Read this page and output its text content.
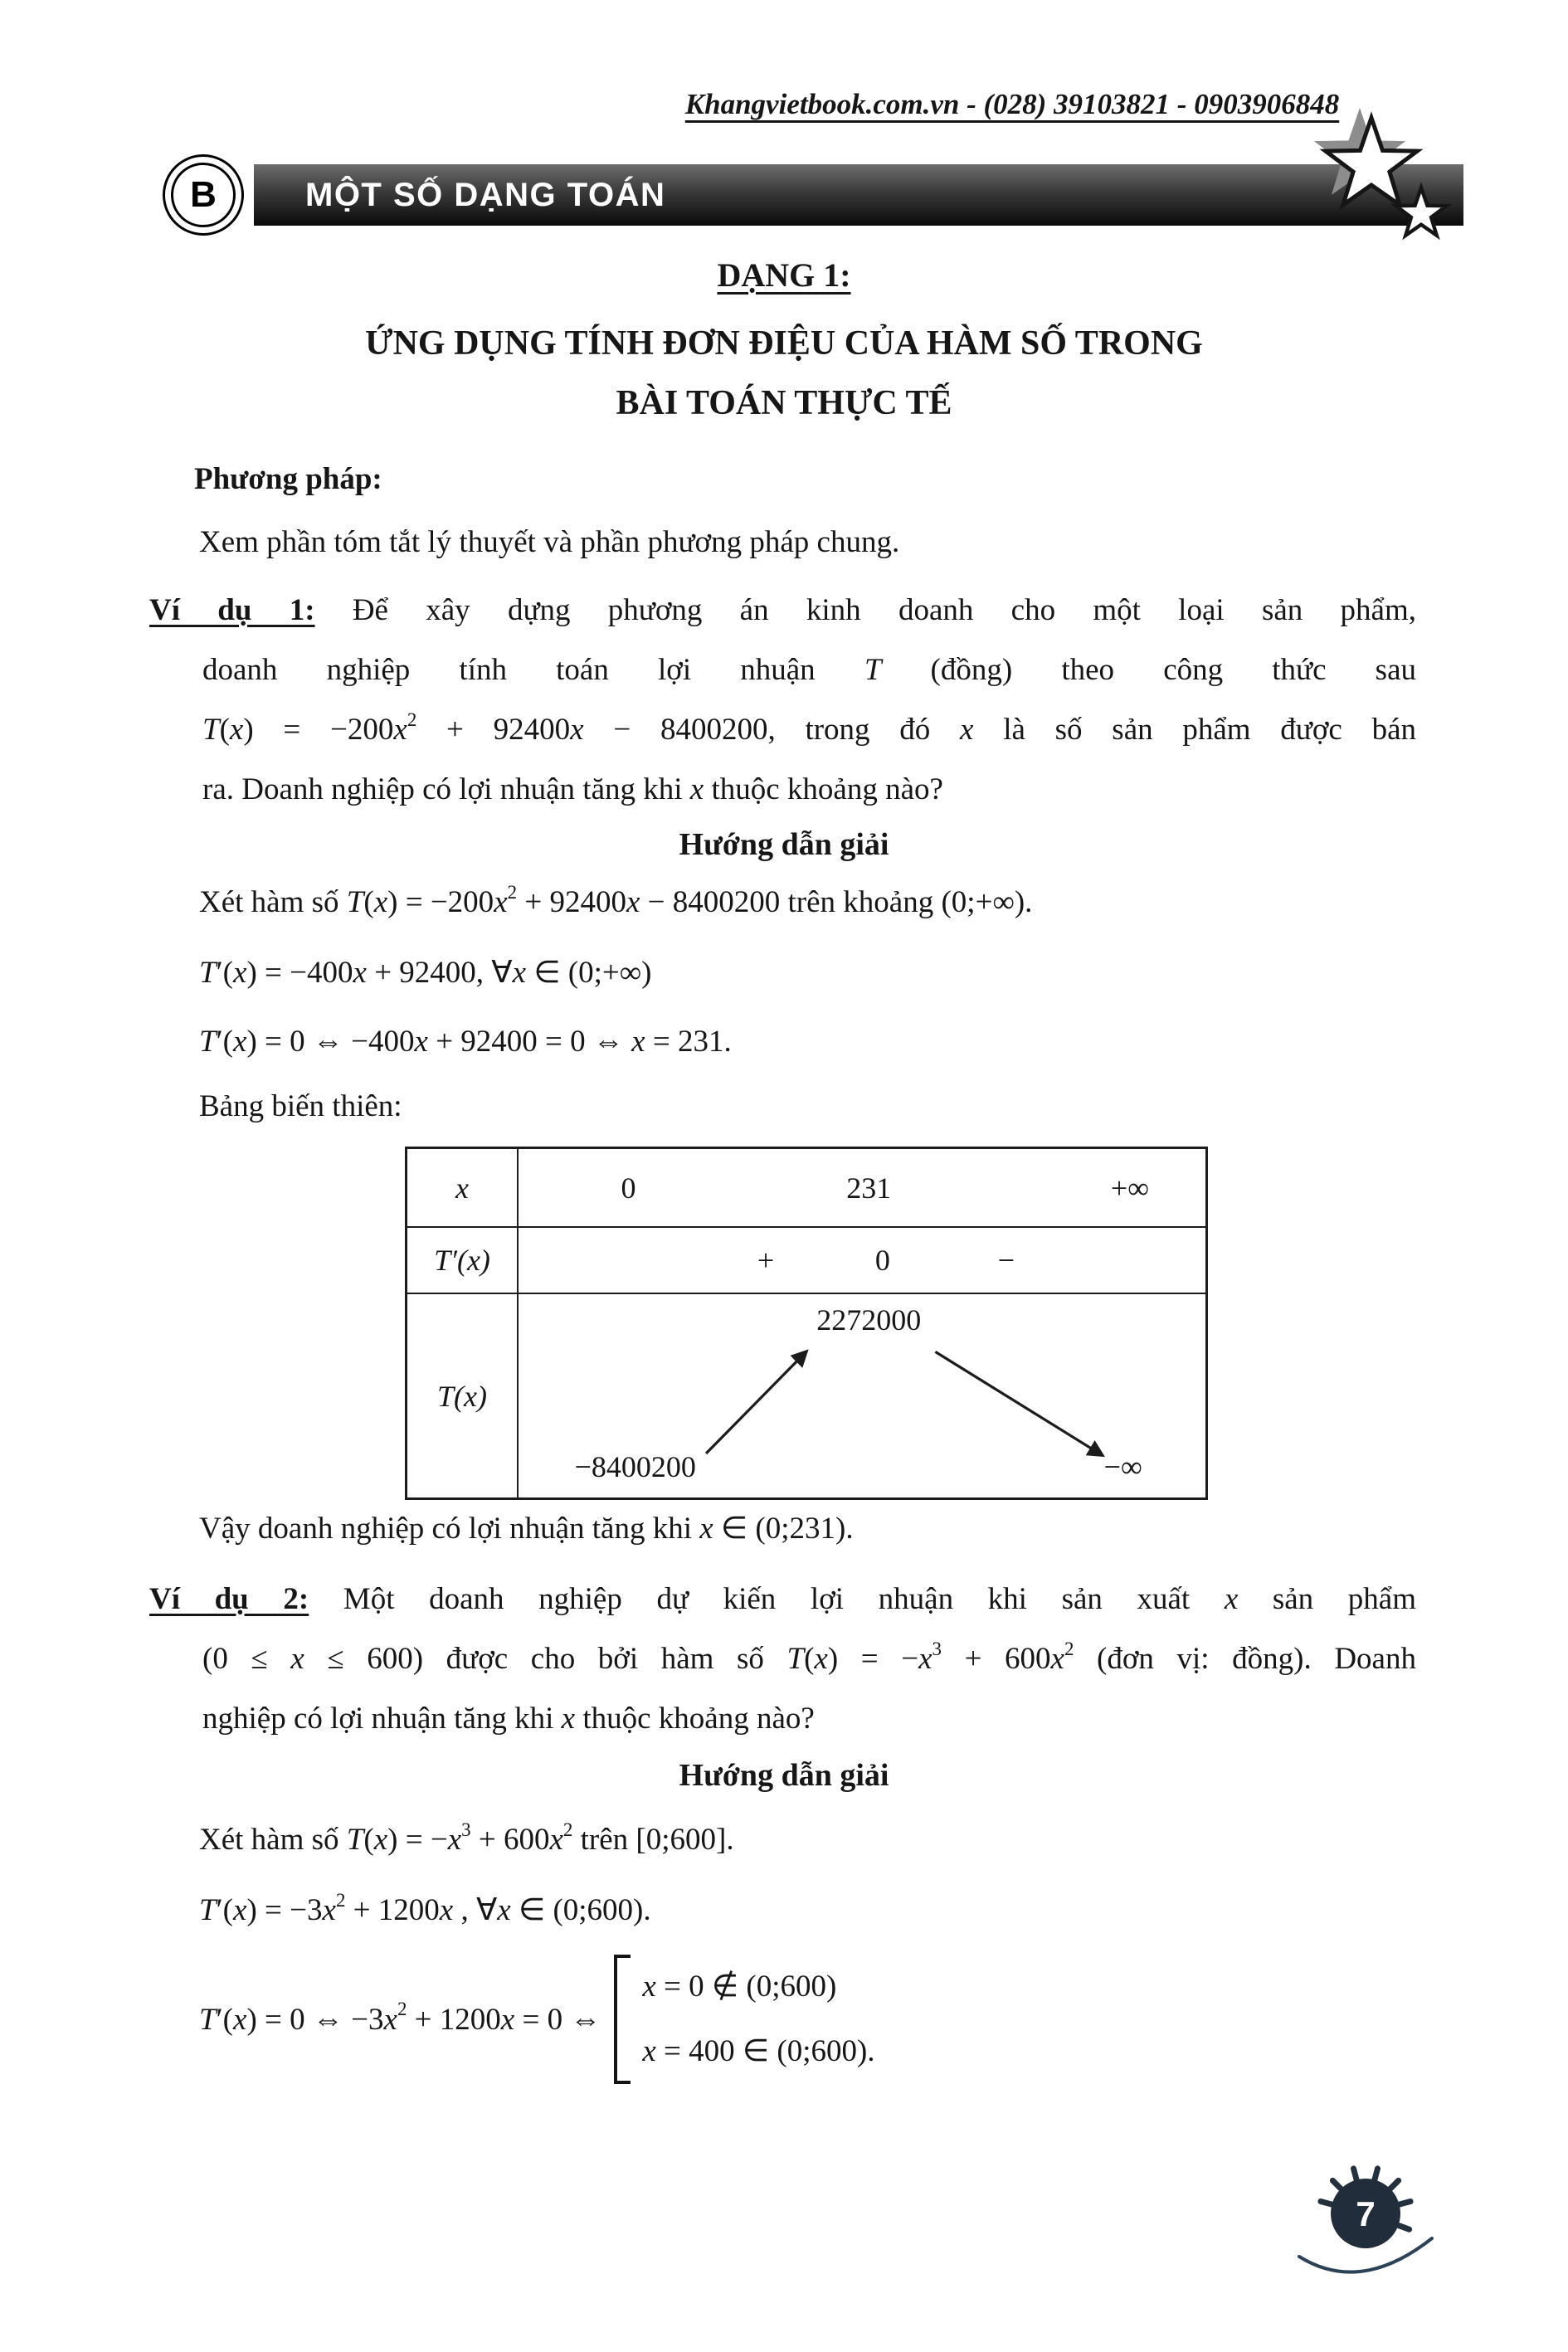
Khangvietbook.com.vn - (028) 39103821 - 0903906848
MỘT SỐ DẠNG TOÁN
B
DẠNG 1:
ỨNG DỤNG TÍNH ĐƠN ĐIỆU CỦA HÀM SỐ TRONG
BÀI TOÁN THỰC TẾ
Phương pháp:
Xem phần tóm tắt lý thuyết và phần phương pháp chung.
Ví dụ 1: Để xây dựng phương án kinh doanh cho một loại sản phẩm,
doanh nghiệp tính toán lợi nhuận T (đồng) theo công thức sau
$T(x) = -200x^2 + 92400x - 8400200$, trong đó x là số sản phẩm được bán
ra. Doanh nghiệp có lợi nhuận tăng khi x thuộc khoảng nào?
Hướng dẫn giải
Xét hàm số $T(x) = -200x^2 + 92400x - 8400200$ trên khoảng (0;+∞).
T′(x) = −400x + 92400, ∀x ∈ (0;+∞)
T′(x) = 0 ⇔ −400x + 92400 = 0 ⇔ x = 231.
Bảng biến thiên:
x	0	231	+∞
T′(x)	+	0	−
T(x)
2272000
−8400200	−∞
Vậy doanh nghiệp có lợi nhuận tăng khi x ∈ (0;231).
Ví dụ 2: Một doanh nghiệp dự kiến lợi nhuận khi sản xuất x sản phẩm
(0 ≤ x ≤ 600) được cho bởi hàm số $T(x) = -x^3 + 600x^2$ (đơn vị: đồng). Doanh
nghiệp có lợi nhuận tăng khi x thuộc khoảng nào?
Hướng dẫn giải
Xét hàm số $T(x) = -x^3 + 600x^2$ trên [0;600].
$T'(x) = -3x^2 + 1200x$ , ∀x ∈ (0;600).
T′(x) = 0 ⇔ $-3x^2 + 1200x = 0$ ⇔
x = 0 ∉ (0;600)
x = 400 ∈ (0;600).
7
